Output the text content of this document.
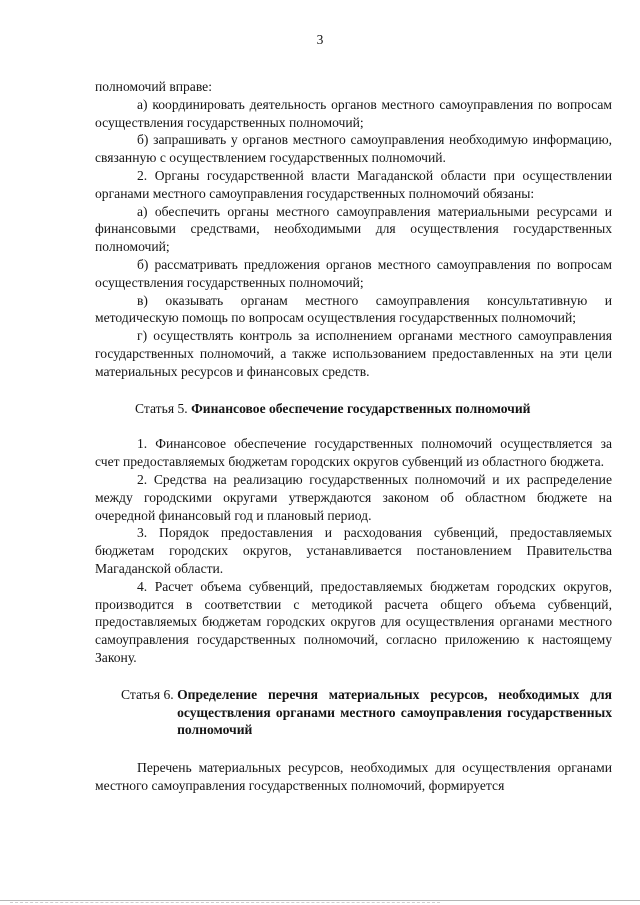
3

полномочий вправе:

а) координировать деятельность органов местного самоуправления по вопросам осуществления государственных полномочий;

б) запрашивать у органов местного самоуправления необходимую информацию, связанную с осуществлением государственных полномочий.

2. Органы государственной власти Магаданской области при осуществлении органами местного самоуправления государственных полномочий обязаны:

а) обеспечить органы местного самоуправления материальными ресурсами и финансовыми средствами, необходимыми для осуществления государственных полномочий;

б) рассматривать предложения органов местного самоуправления по вопросам осуществления государственных полномочий;

в) оказывать органам местного самоуправления консультативную и методическую помощь по вопросам осуществления государственных полномочий;

г) осуществлять контроль за исполнением органами местного самоуправления государственных полномочий, а также использованием предоставленных на эти цели материальных ресурсов и финансовых средств.

Статья 5. Финансовое обеспечение государственных полномочий

1. Финансовое обеспечение государственных полномочий осуществляется за счет предоставляемых бюджетам городских округов субвенций из областного бюджета.

2. Средства на реализацию государственных полномочий и их распределение между городскими округами утверждаются законом об областном бюджете на очередной финансовый год и плановый период.

3. Порядок предоставления и расходования субвенций, предоставляемых бюджетам городских округов, устанавливается постановлением Правительства Магаданской области.

4. Расчет объема субвенций, предоставляемых бюджетам городских округов, производится в соответствии с методикой расчета общего объема субвенций, предоставляемых бюджетам городских округов для осуществления органами местного самоуправления государственных полномочий, согласно приложению к настоящему Закону.

Статья 6. Определение перечня материальных ресурсов, необходимых для осуществления органами местного самоуправления государственных полномочий

Перечень материальных ресурсов, необходимых для осуществления органами местного самоуправления государственных полномочий, формируется
